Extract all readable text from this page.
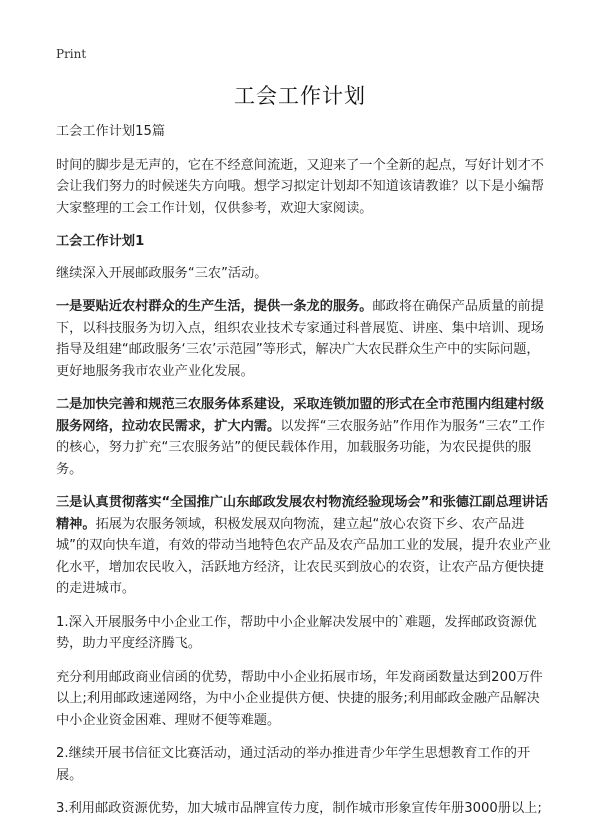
Print
工会工作计划

工会工作计划15篇

时间的脚步是无声的，它在不经意间流逝，又迎来了一个全新的起点，写好计划才不会让我们努力的时候迷失方向哦。想学习拟定计划却不知道该请教谁？以下是小编帮大家整理的工会工作计划，仅供参考，欢迎大家阅读。

工会工作计划1

继续深入开展邮政服务“三农”活动。

一是要贴近农村群众的生产生活，提供一条龙的服务。邮政将在确保产品质量的前提下，以科技服务为切入点，组织农业技术专家通过科普展览、讲座、集中培训、现场指导及组建“邮政服务‘三农’示范园”等形式，解决广大农民群众生产中的实际问题，更好地服务我市农业产业化发展。

二是加快完善和规范三农服务体系建设，采取连锁加盟的形式在全市范围内组建村级服务网络，拉动农民需求，扩大内需。以发挥“三农服务站”作用作为服务“三农”工作的核心，努力扩充“三农服务站”的便民载体作用，加载服务功能，为农民提供的服务。

三是认真贯彻落实“全国推广山东邮政发展农村物流经验现场会”和张德江副总理讲话精神。拓展为农服务领域，积极发展双向物流，建立起“放心农资下乡、农产品进城”的双向快车道，有效的带动当地特色农产品及农产品加工业的发展，提升农业产业化水平，增加农民收入，活跃地方经济，让农民买到放心的农资，让农产品方便快捷的走进城市。

1.深入开展服务中小企业工作，帮助中小企业解决发展中的`难题，发挥邮政资源优势，助力平度经济腾飞。

充分利用邮政商业信函的优势，帮助中小企业拓展市场，年发商函数量达到200万件以上;利用邮政速递网络，为中小企业提供方便、快捷的服务;利用邮政金融产品解决中小企业资金困难、理财不便等难题。

2.继续开展书信征文比赛活动，通过活动的举办推进青少年学生思想教育工作的开展。

3.利用邮政资源优势，加大城市品牌宣传力度，制作城市形象宣传年册3000册以上;
